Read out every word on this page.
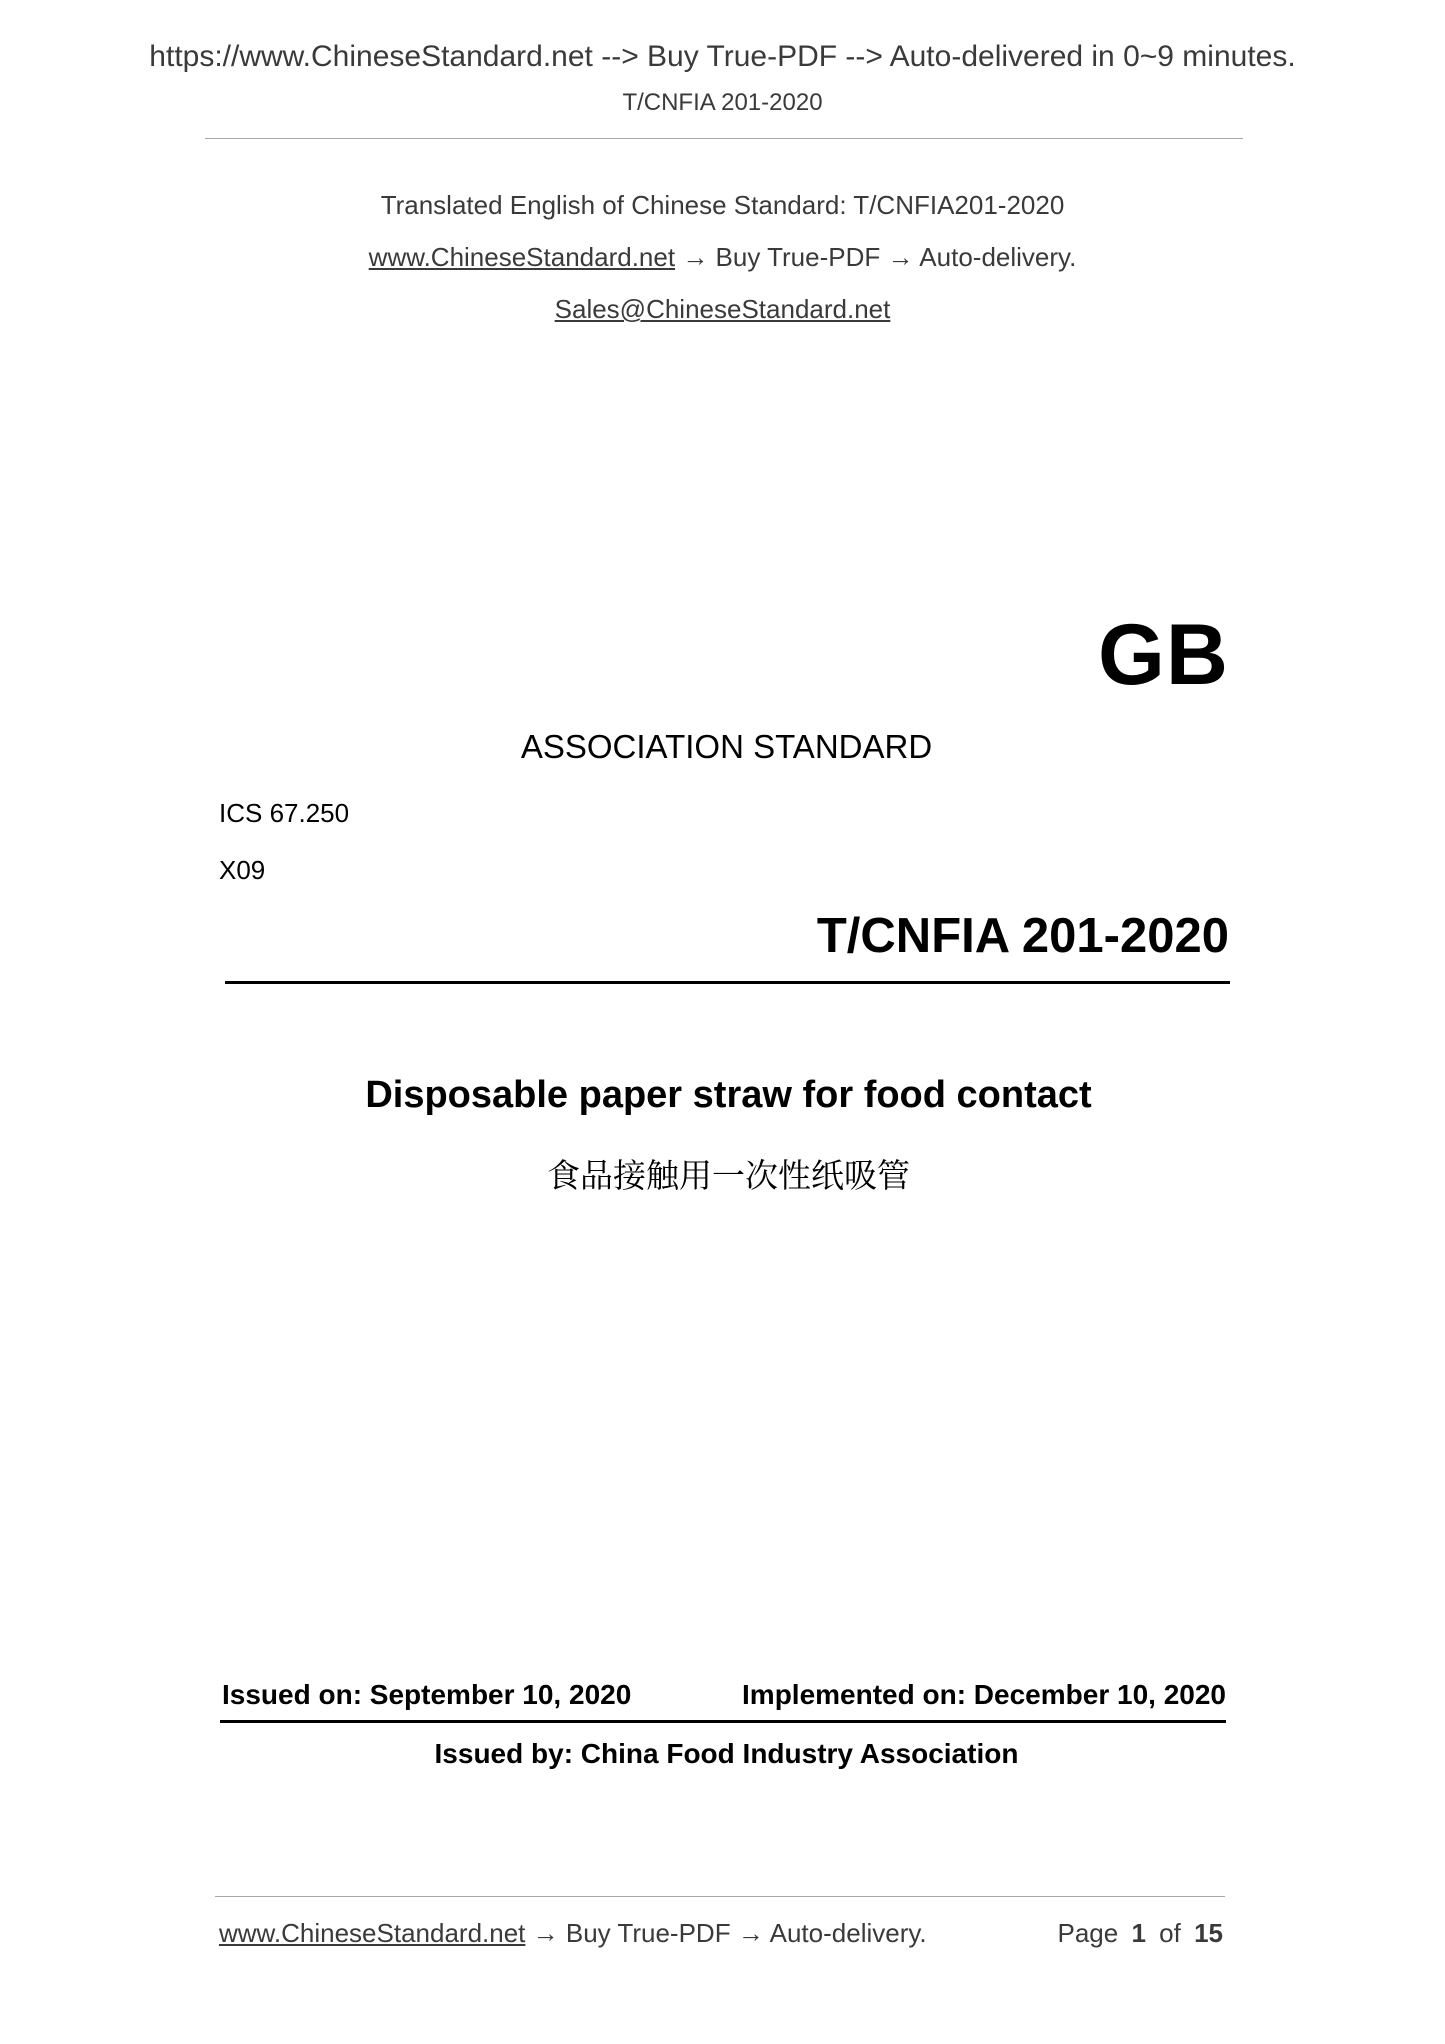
https://www.ChineseStandard.net --> Buy True-PDF --> Auto-delivered in 0~9 minutes.
T/CNFIA 201-2020
Translated English of Chinese Standard: T/CNFIA201-2020
www.ChineseStandard.net → Buy True-PDF → Auto-delivery.
Sales@ChineseStandard.net
GB
ASSOCIATION STANDARD
ICS 67.250
X09
T/CNFIA 201-2020
Disposable paper straw for food contact
食品接触用一次性纸吸管
Issued on: September 10, 2020	Implemented on: December 10, 2020
Issued by: China Food Industry Association
www.ChineseStandard.net → Buy True-PDF → Auto-delivery.	Page 1 of 15
